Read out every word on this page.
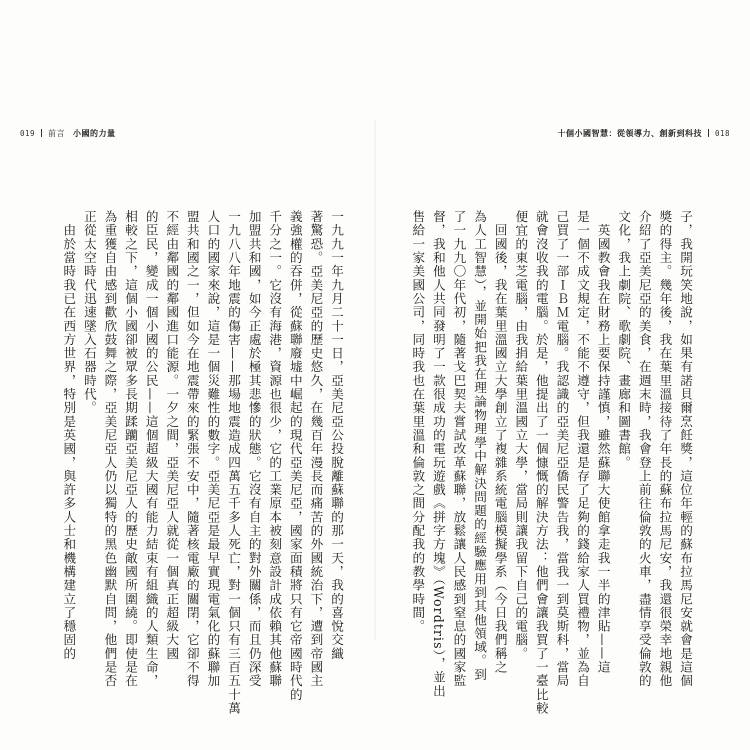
019 前言 小國的力量
一九九一年九月二十一日，亞美尼亞公投脫離蘇聯的那一天，我的喜悅交織
著驚恐。亞美尼亞的歷史悠久，在幾百年漫長而痛苦的外國統治下，遭到帝國主
義強權的吞併，從蘇聯廢墟中崛起的現代亞美尼亞，國家面積將只有它帝國時代的
千分之一。它沒有海港，資源也很少，它的工業原本被刻意設計成依賴其他蘇聯
加盟共和國，如今正處於極其悲慘的狀態。它沒有自主的對外關係，而且仍深受
一九八八年地震的傷害——那場地震造成四萬五千多人死亡，對一個只有三百五十萬
人口的國家來說，這是一個災難性的數字。亞美尼亞是最早實現電氣化的蘇聯加
盟共和國之一，但如今在地震帶來的緊張不安中，隨著核電廠的關閉，它卻不得
不經由鄰國的鄰國進口能源。一夕之間，亞美尼亞人就從一個真正超級大國
的臣民，變成一個小國的公民——這個超級大國有能力結束有組織的人類生命，
相較之下，這個小國卻被眾多長期蹂躪亞美尼亞人的歷史敵國所圍繞。即使是在
為重獲自由感到歡欣鼓舞之際，亞美尼亞人仍以獨特的黑色幽默自問，他們是否
正從太空時代迅速墜入石器時代。
　由於當時我已在西方世界，特別是英國，與許多人士和機構建立了穩固的
十個小國智慧：從領導力、創新到科技 018
子，我開玩笑地說，如果有諾貝爾烹飪獎，這位年輕的蘇布拉馬尼安就會是這個
獎的得主。幾年後，我在葉里溫接待了年長的蘇布拉馬尼安，我還很榮幸地親他
介紹了亞美尼亞的美食，在週末時，我會登上前往倫敦的火車，盡情享受倫敦的
文化，我上劇院、歌劇院、畫廊和圖書館。
　英國教會我在財務上要保持謹慎，雖然蘇聯大使館拿走我一半的津貼——這
是一個不成文規定，不能不遵守，但我還是存了足夠的錢給家人買禮物，並為自
己買了一部ＩＢＭ電腦。我認識的亞美尼亞僑民警告我，當我一到莫斯科，當局
就會沒收我的電腦。於是，他提出了一個慷慨的解決方法：他們會讓我買了一臺比較
便宜的東芝電腦，由我捐給葉里溫國立大學，當局則讓我留下自己的電腦。
　回國後，我在葉里溫國立大學創立了複雜系統電腦模擬學系（今日我們稱之
為人工智慧），並開始把我在理論物理學中解決問題的經驗應用到其他領域。到
了一九九〇年代初，隨著戈巴契夫嘗試改革蘇聯，放鬆讓人民感到窒息的國家監
督，我和他人共同發明了一款很成功的電玩遊戲《拼字方塊》（Wordtris），並出
售給一家美國公司，同時我也在葉里溫和倫敦之間分配我的教學時間。
